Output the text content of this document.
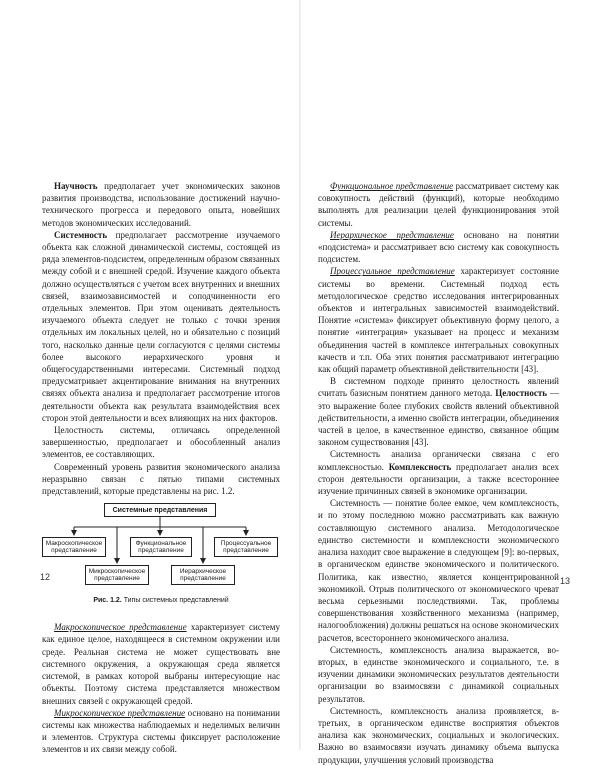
Научность предполагает учет экономических законов развития производства, использование достижений научно-технического прогресса и передового опыта, новейших методов экономических исследований.

Системность предполагает рассмотрение изучаемого объекта как сложной динамической системы, состоящей из ряда элементов-подсистем, определенным образом связанных между собой и с внешней средой. Изучение каждого объекта должно осуществляться с учетом всех внутренних и внешних связей, взаимозависимостей и соподчиненности его отдельных элементов. При этом оценивать деятельность изучаемого объекта следует не только с точки зрения отдельных им локальных целей, но и обязательно с позиций того, насколько данные цели согласуются с целями системы более высокого иерархического уровня и общегосударственными интересами. Системный подход предусматривает акцентирование внимания на внутренних связях объекта анализа и предполагает рассмотрение итогов деятельности объекта как результата взаимодействия всех сторон этой деятельности и всех влияющих на них факторов.

Целостность системы, отличаясь определенной завершенностью, предполагает и обособленный анализ элементов, ее составляющих.

Современный уровень развития экономического анализа неразрывно связан с пятью типами системных представлений, которые представлены на рис. 1.2.

Системные представления
Макроскопическое представление
Функциональное представление
Процессуальное представление
Микроскопическое представление
Иерархическое представление
Рис. 1.2. Типы системных представлений

Макроскопическое представление характеризует систему как единое целое, находящееся в системном окружении или среде. Реальная система не может существовать вне системного окружения, а окружающая среда является системой, в рамках которой выбраны интересующие нас объекты. Поэтому система представляется множеством внешних связей с окружающей средой.

Микроскопическое представление основано на понимании системы как множества наблюдаемых и неделимых величин и элементов. Структура системы фиксирует расположение элементов и их связи между собой.

12

Функциональное представление рассматривает систему как совокупность действий (функций), которые необходимо выполнять для реализации целей функционирования этой системы.

Иерархическое представление основано на понятии «подсистема» и рассматривает всю систему как совокупность подсистем.

Процессуальное представление характеризует состояние системы во времени. Системный подход есть методологическое средство исследования интегрированных объектов и интегральных зависимостей взаимодействий. Понятие «система» фиксирует объективную форму целого, а понятие «интеграция» указывает на процесс и механизм объединения частей в комплексе интегральных совокупных качеств и т.п. Оба этих понятия рассматривают интеграцию как общий параметр объективной действительности [43].

В системном подходе принято целостность явлений считать базисным понятием данного метода. Целостность — это выражение более глубоких свойств явлений объективной действительности, а именно свойств интеграции, объединения частей в целое, в качественное единство, связанное общим законом существования [43].

Системность анализа органически связана с его комплексностью. Комплексность предполагает анализ всех сторон деятельности организации, а также всестороннее изучение причинных связей в экономике организации.

Системность — понятие более емкое, чем комплексность, и по этому последнюю можно рассматривать как важную составляющую системного анализа. Методологическое единство системности и комплексности экономического анализа находит свое выражение в следующем [9]: во-первых, в органическом единстве экономического и политического. Политика, как известно, является концентрированной экономикой. Отрыв политического от экономического чреват весьма серьезными последствиями. Так, проблемы совершенствования хозяйственного механизма (например, налогообложения) должны решаться на основе экономических расчетов, всестороннего экономического анализа.

Системность, комплексность анализа выражается, во-вторых, в единстве экономического и социального, т.е. в изучении динамики экономических результатов деятельности организации во взаимосвязи с динамикой социальных результатов.

Системность, комплексность анализа проявляется, в-третьих, в органическом единстве восприятия объектов анализа как экономических, социальных и экологических. Важно во взаимосвязи изучать динамику объема выпуска продукции, улучшения условий производства

13
